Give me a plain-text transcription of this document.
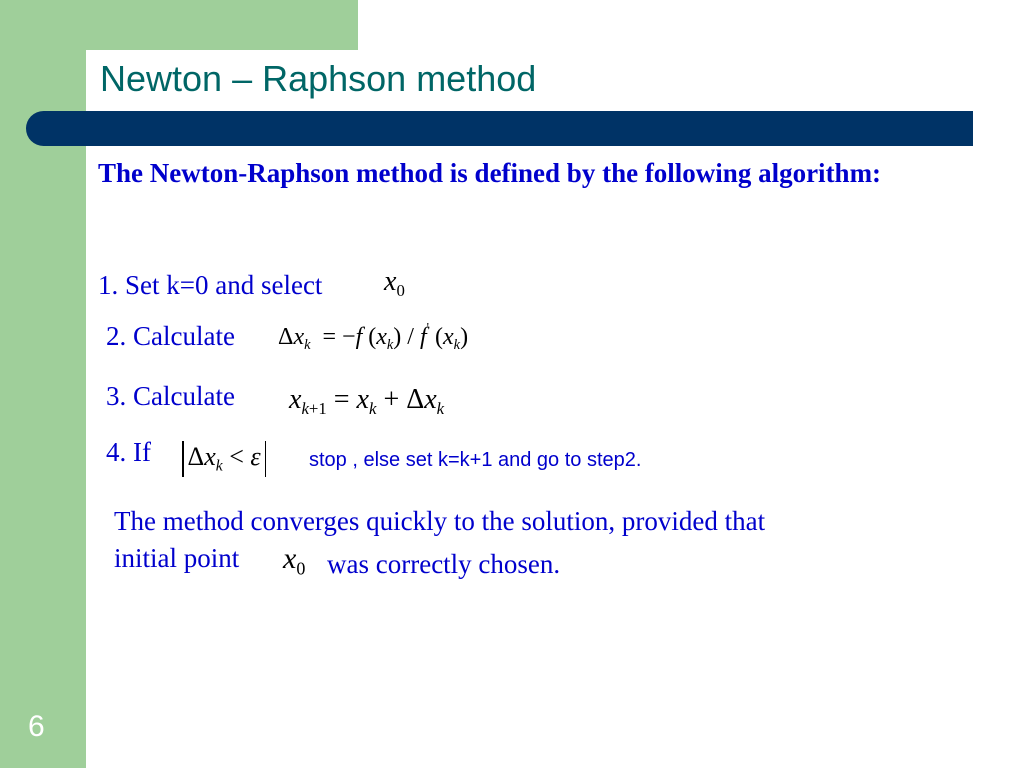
Newton – Raphson method
The Newton-Raphson method is defined by the following algorithm:
1. Set k=0 and select $x_0$
2. Calculate $\Delta x_k = -f$ $(x_k) / f'$ $(x_k)$
3. Calculate $x_{k+1} = x_k + \Delta x_k$
4. If	$\Delta x_k < \varepsilon$	stop , else set k=k+1 and go to step2.
The method converges quickly to the solution, provided that
initial point $x_0$ was correctly chosen.
6
